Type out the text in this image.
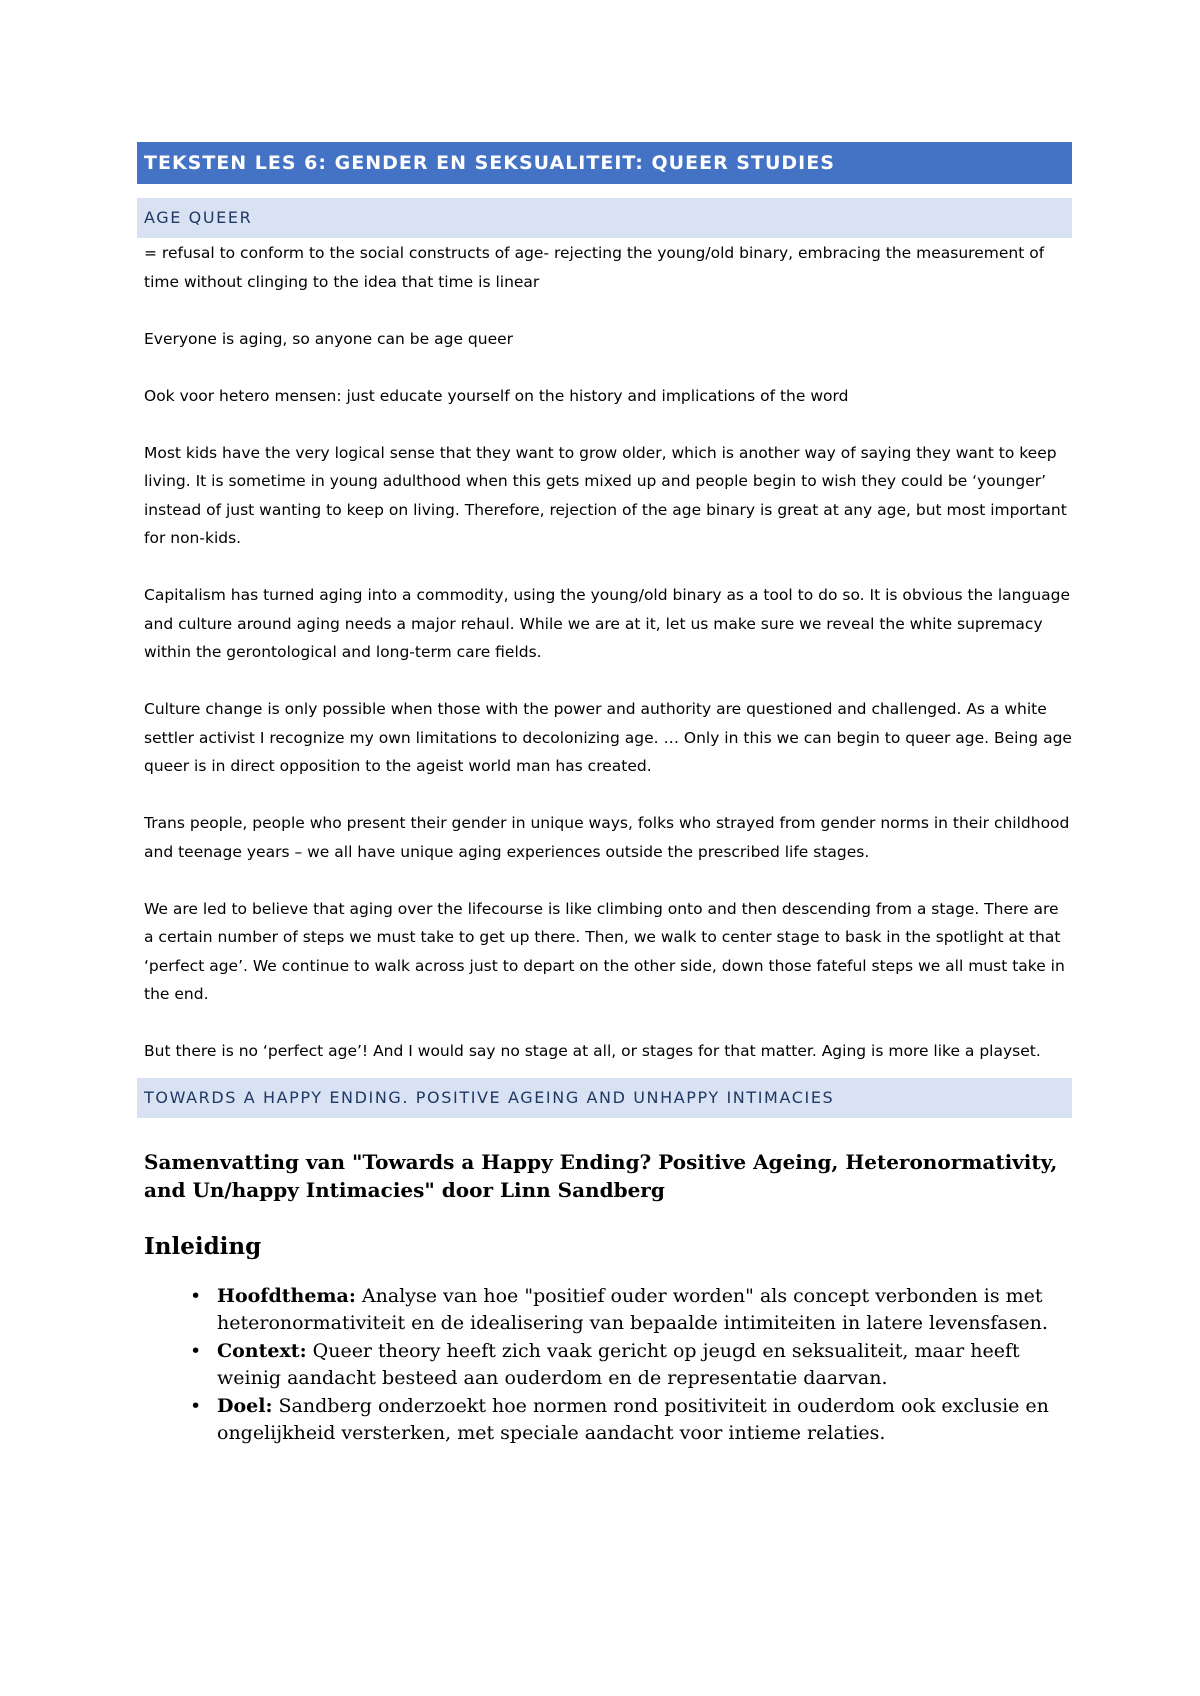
TEKSTEN LES 6: GENDER EN SEKSUALITEIT: QUEER STUDIES
AGE QUEER

= refusal to conform to the social constructs of age- rejecting the young/old binary, embracing the measurement of time without clinging to the idea that time is linear

Everyone is aging, so anyone can be age queer

Ook voor hetero mensen: just educate yourself on the history and implications of the word

Most kids have the very logical sense that they want to grow older, which is another way of saying they want to keep living. It is sometime in young adulthood when this gets mixed up and people begin to wish they could be ‘younger’ instead of just wanting to keep on living. Therefore, rejection of the age binary is great at any age, but most important for non-kids.

Capitalism has turned aging into a commodity, using the young/old binary as a tool to do so. It is obvious the language and culture around aging needs a major rehaul. While we are at it, let us make sure we reveal the white supremacy within the gerontological and long-term care fields.

Culture change is only possible when those with the power and authority are questioned and challenged. As a white settler activist I recognize my own limitations to decolonizing age. … Only in this we can begin to queer age. Being age queer is in direct opposition to the ageist world man has created.

Trans people, people who present their gender in unique ways, folks who strayed from gender norms in their childhood and teenage years – we all have unique aging experiences outside the prescribed life stages.

We are led to believe that aging over the lifecourse is like climbing onto and then descending from a stage. There are a certain number of steps we must take to get up there. Then, we walk to center stage to bask in the spotlight at that ‘perfect age’. We continue to walk across just to depart on the other side, down those fateful steps we all must take in the end.

But there is no ‘perfect age’! And I would say no stage at all, or stages for that matter. Aging is more like a playset.

TOWARDS A HAPPY ENDING. POSITIVE AGEING AND UNHAPPY INTIMACIES

Samenvatting van "Towards a Happy Ending? Positive Ageing, Heteronormativity, and Un/happy Intimacies" door Linn Sandberg

Inleiding

• Hoofdthema: Analyse van hoe "positief ouder worden" als concept verbonden is met heteronormativiteit en de idealisering van bepaalde intimiteiten in latere levensfasen.
• Context: Queer theory heeft zich vaak gericht op jeugd en seksualiteit, maar heeft weinig aandacht besteed aan ouderdom en de representatie daarvan.
• Doel: Sandberg onderzoekt hoe normen rond positiviteit in ouderdom ook exclusie en ongelijkheid versterken, met speciale aandacht voor intieme relaties.
